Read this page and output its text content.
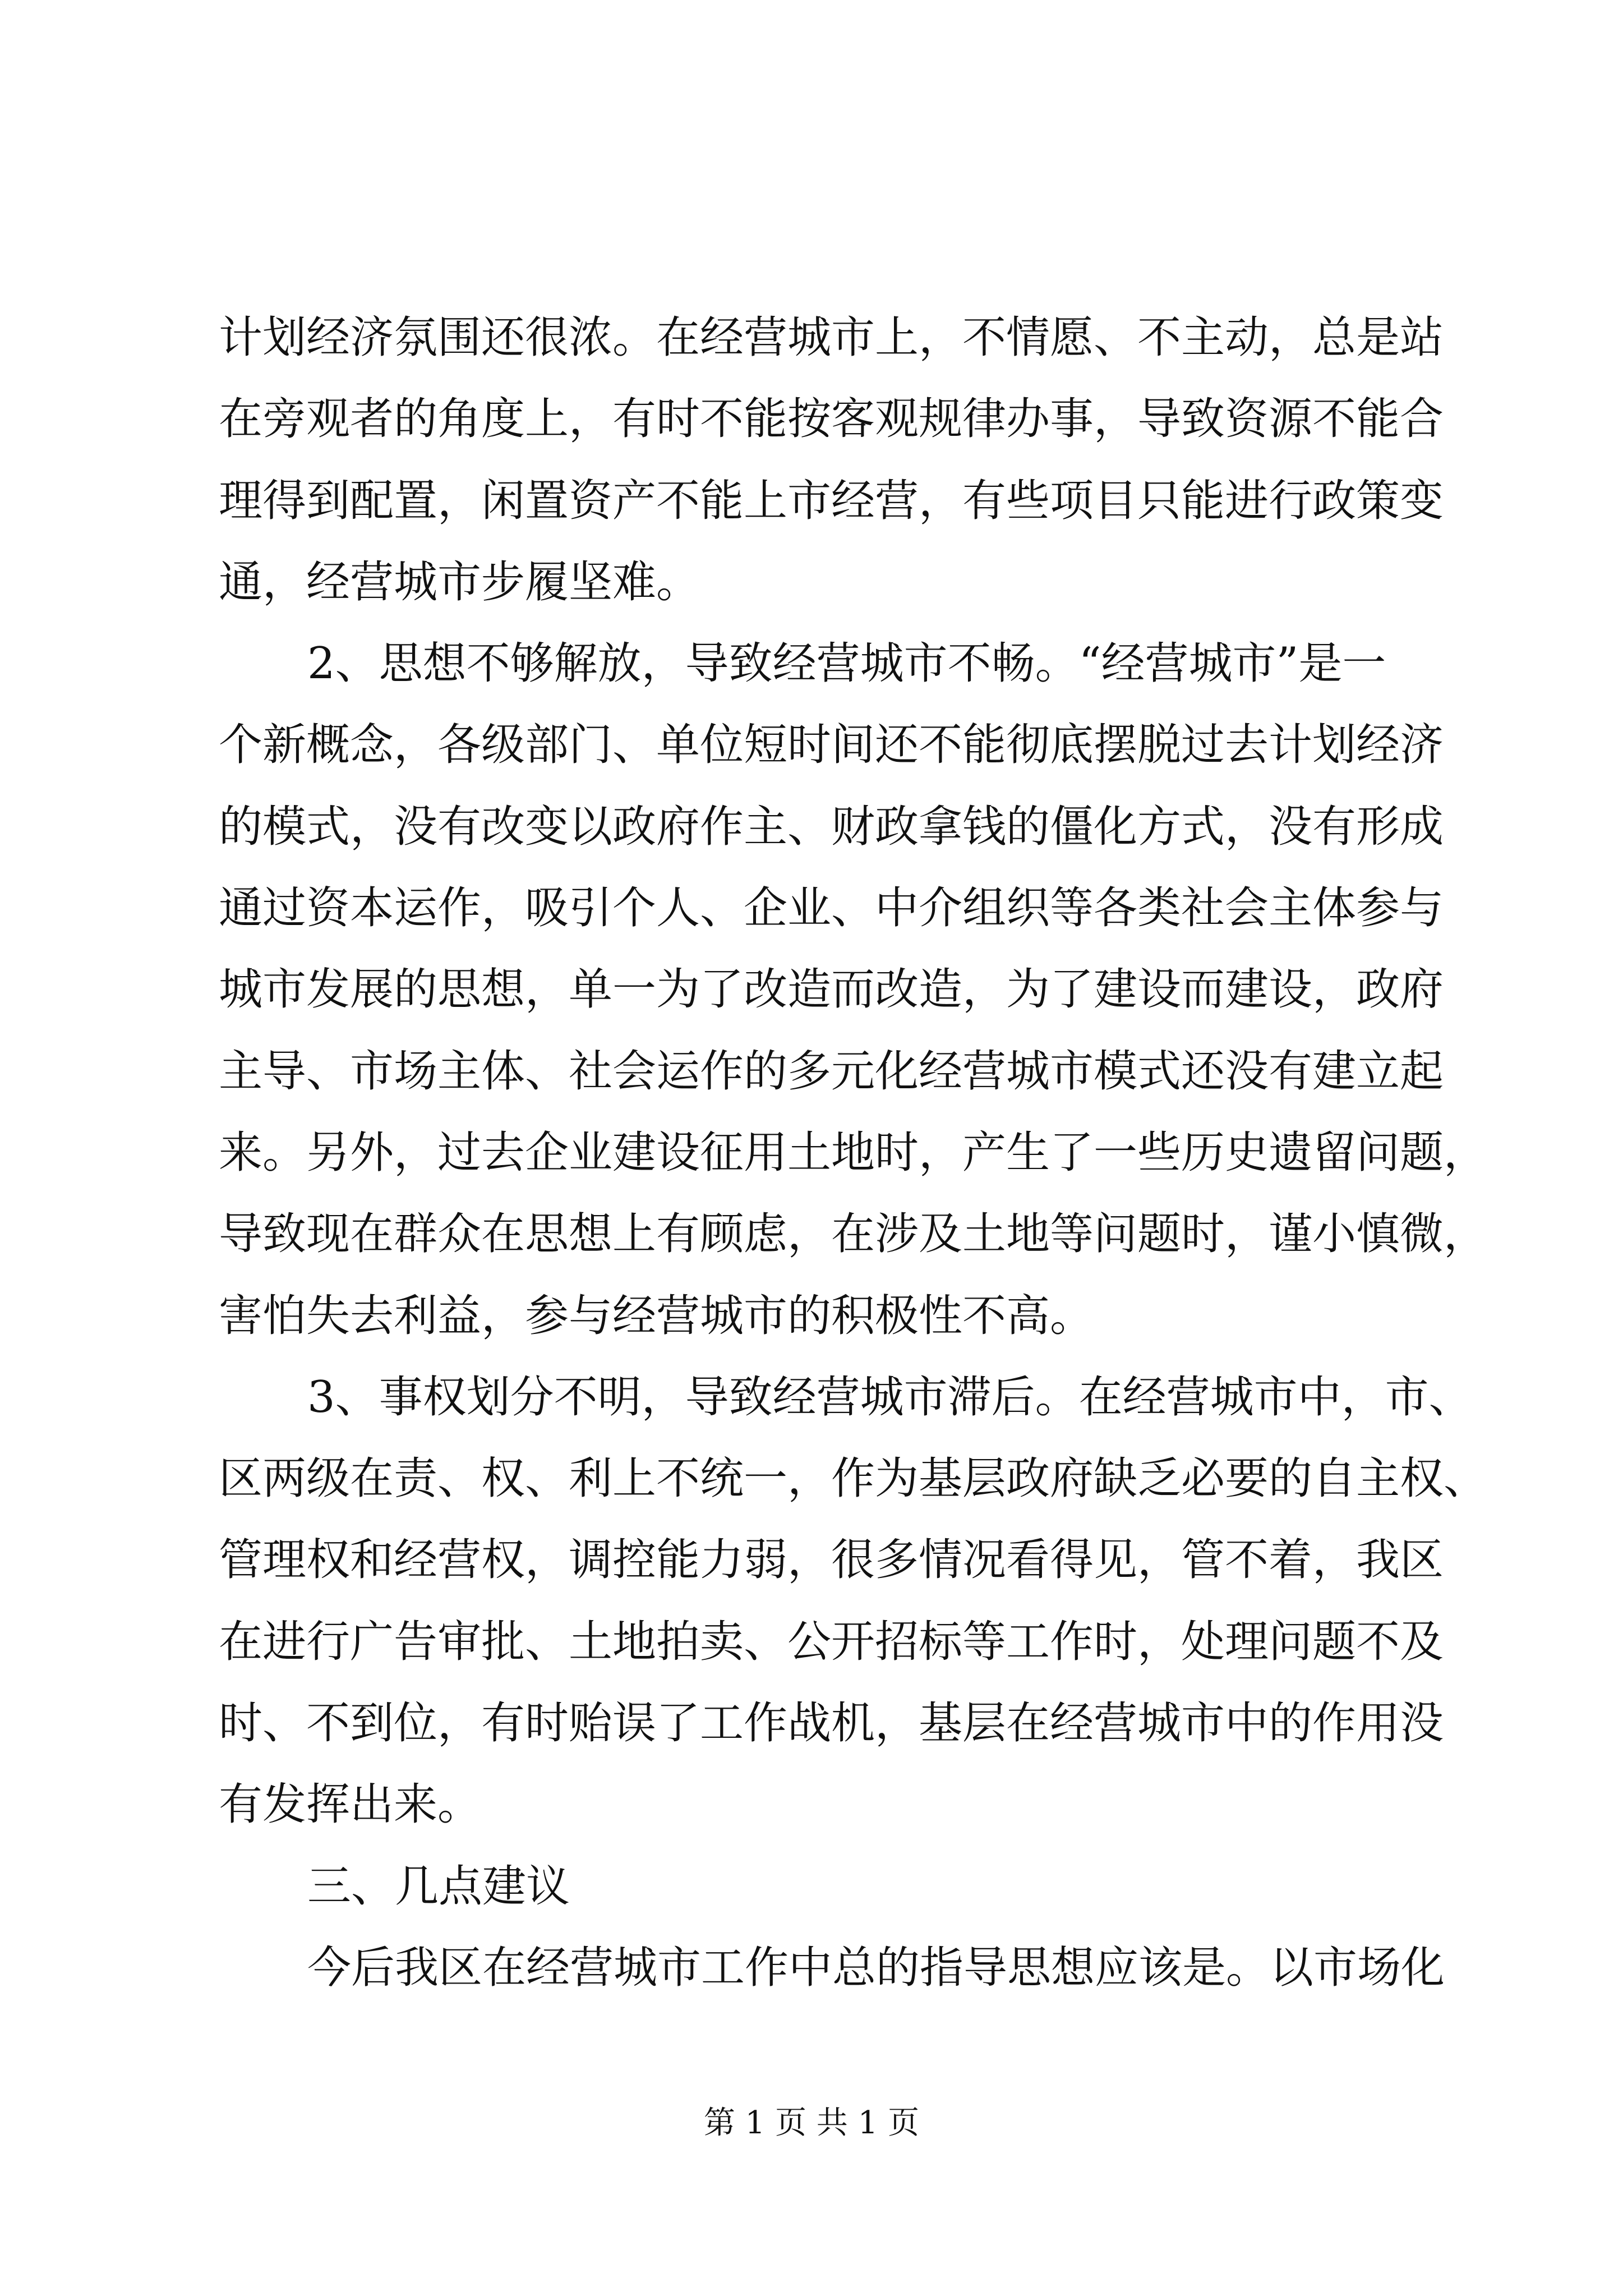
计划经济氛围还很浓。在经营城市上，不情愿、不主动，总是站
在旁观者的角度上，有时不能按客观规律办事，导致资源不能合
理得到配置，闲置资产不能上市经营，有些项目只能进行政策变
通，经营城市步履坚难。
2、思想不够解放，导致经营城市不畅。“经营城市”是一
个新概念，各级部门、单位短时间还不能彻底摆脱过去计划经济
的模式，没有改变以政府作主、财政拿钱的僵化方式，没有形成
通过资本运作，吸引个人、企业、中介组织等各类社会主体参与
城市发展的思想，单一为了改造而改造，为了建设而建设，政府
主导、市场主体、社会运作的多元化经营城市模式还没有建立起
来。另外，过去企业建设征用土地时，产生了一些历史遗留问题，
导致现在群众在思想上有顾虑，在涉及土地等问题时，谨小慎微，
害怕失去利益，参与经营城市的积极性不高。
3、事权划分不明，导致经营城市滞后。在经营城市中，市、
区两级在责、权、利上不统一，作为基层政府缺乏必要的自主权、
管理权和经营权，调控能力弱，很多情况看得见，管不着，我区
在进行广告审批、土地拍卖、公开招标等工作时，处理问题不及
时、不到位，有时贻误了工作战机，基层在经营城市中的作用没
有发挥出来。
三、几点建议
今后我区在经营城市工作中总的指导思想应该是。以市场化
第 1 页 共 1 页
